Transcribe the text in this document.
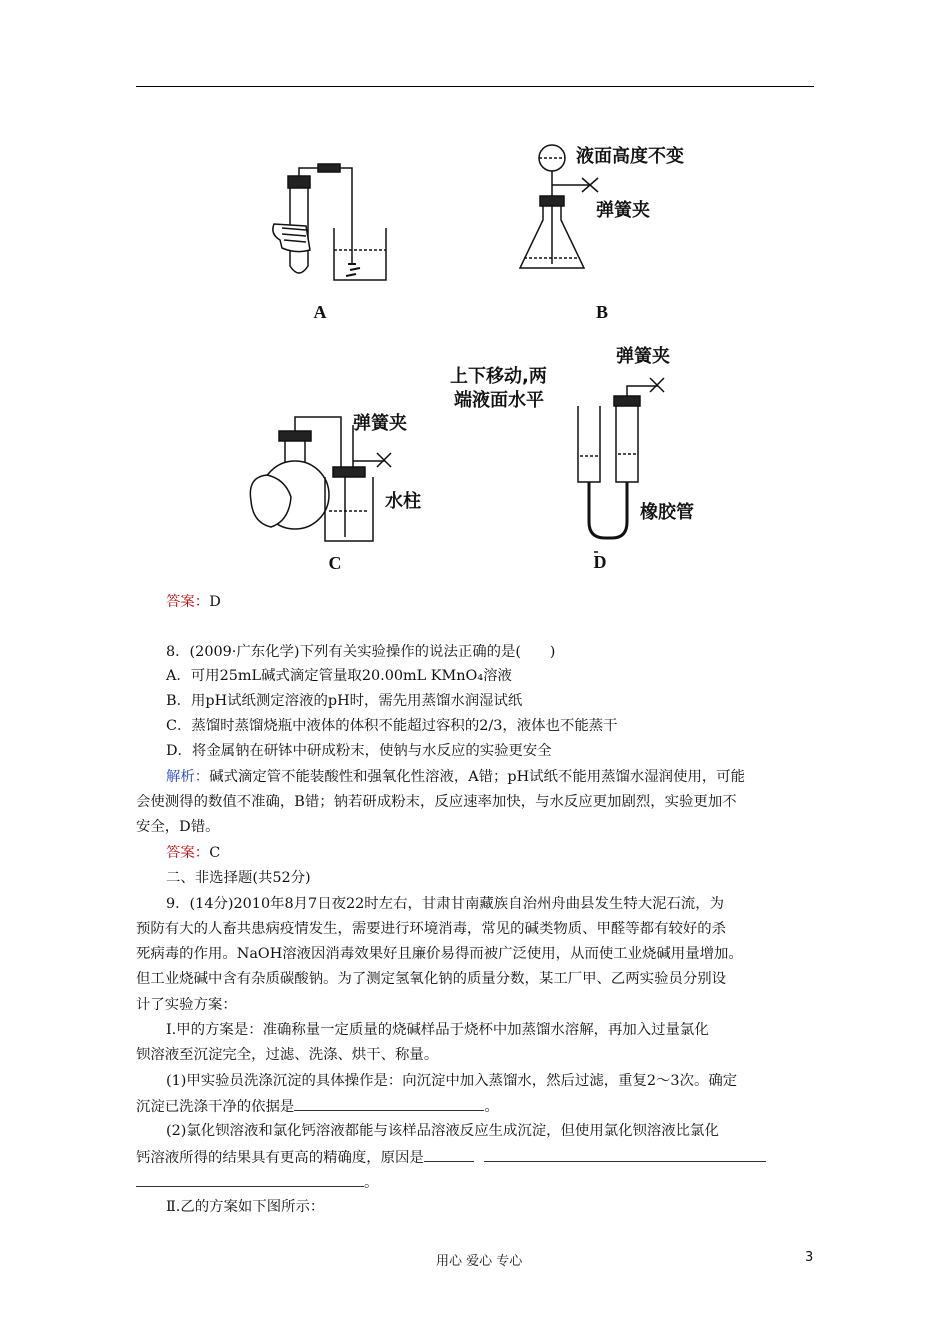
A
液面高度不变
弹簧夹
B
弹簧夹
水柱
C
上下移动,两
端液面水平
弹簧夹
橡胶管
D
答案：D
8．(2009·广东化学)下列有关实验操作的说法正确的是(　　)
A．可用25mL碱式滴定管量取20.00mL KMnO₄溶液
B．用pH试纸测定溶液的pH时，需先用蒸馏水润湿试纸
C．蒸馏时蒸馏烧瓶中液体的体积不能超过容积的2/3，液体也不能蒸干
D．将金属钠在研钵中研成粉末，使钠与水反应的实验更安全
解析：碱式滴定管不能装酸性和强氧化性溶液，A错；pH试纸不能用蒸馏水湿润使用，可能
会使测得的数值不准确，B错；钠若研成粉末，反应速率加快，与水反应更加剧烈，实验更加不
安全，D错。
答案：C
二、非选择题(共52分)
9．(14分)2010年8月7日夜22时左右，甘肃甘南藏族自治州舟曲县发生特大泥石流，为
预防有大的人畜共患病疫情发生，需要进行环境消毒，常见的碱类物质、甲醛等都有较好的杀
死病毒的作用。NaOH溶液因消毒效果好且廉价易得而被广泛使用，从而使工业烧碱用量增加。
但工业烧碱中含有杂质碳酸钠。为了测定氢氧化钠的质量分数，某工厂甲、乙两实验员分别设
计了实验方案：
Ⅰ.甲的方案是：准确称量一定质量的烧碱样品于烧杯中加蒸馏水溶解，再加入过量氯化
钡溶液至沉淀完全，过滤、洗涤、烘干、称量。
(1)甲实验员洗涤沉淀的具体操作是：向沉淀中加入蒸馏水，然后过滤，重复2～3次。确定
沉淀已洗涤干净的依据是	。
(2)氯化钡溶液和氯化钙溶液都能与该样品溶液反应生成沉淀，但使用氯化钡溶液比氯化
钙溶液所得的结果具有更高的精确度，原因是
。
Ⅱ.乙的方案如下图所示：
用心 爱心 专心	3
